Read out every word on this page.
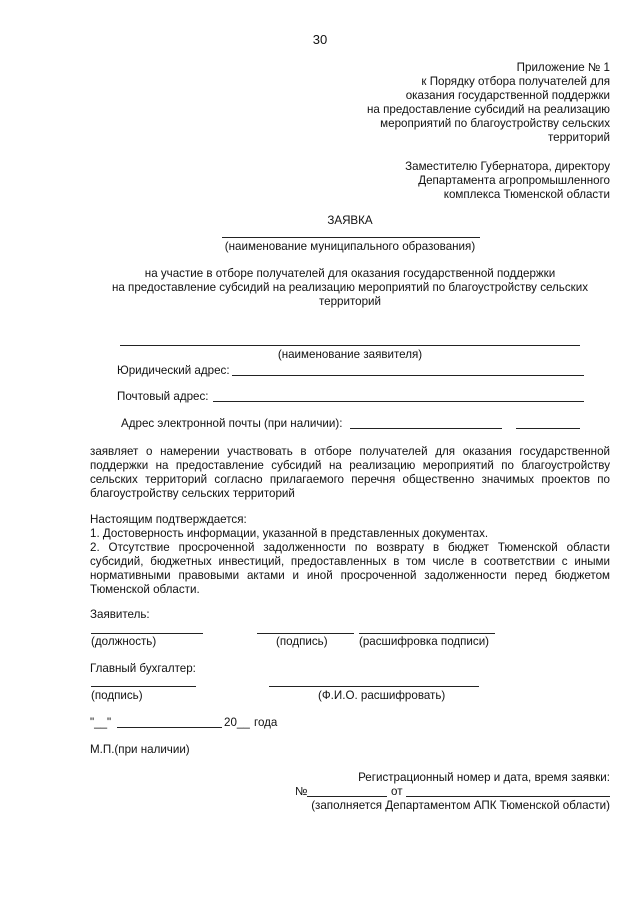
30
Приложение № 1
к Порядку отбора получателей для
оказания государственной поддержки
на предоставление субсидий на реализацию
мероприятий по благоустройству сельских
территорий
Заместителю Губернатора, директору
Департамента агропромышленного
комплекса Тюменской области
ЗАЯВКА
(наименование муниципального образования)
на участие в отборе получателей для оказания государственной поддержки
на предоставление субсидий на реализацию мероприятий по благоустройству сельских
территорий
(наименование заявителя)
Юридический адрес:
Почтовый адрес:
Адрес электронной почты (при наличии):
заявляет о намерении участвовать в отборе получателей для оказания государственной поддержки на предоставление субсидий на реализацию мероприятий по благоустройству сельских территорий согласно прилагаемого перечня общественно значимых проектов по благоустройству сельских территорий
Настоящим подтверждается:
1. Достоверность информации, указанной в представленных документах.
2. Отсутствие просроченной задолженности по возврату в бюджет Тюменской области субсидий, бюджетных инвестиций, предоставленных в том числе в соответствии с иными нормативными правовыми актами и иной просроченной задолженности перед бюджетом Тюменской области.
Заявитель:
(должность)	(подпись)	(расшифровка подписи)
Главный бухгалтер:
(подпись)	(Ф.И.О. расшифровать)
"__"	20__ года
М.П.(при наличии)
Регистрационный номер и дата, время заявки:
№	от
(заполняется Департаментом АПК Тюменской области)
